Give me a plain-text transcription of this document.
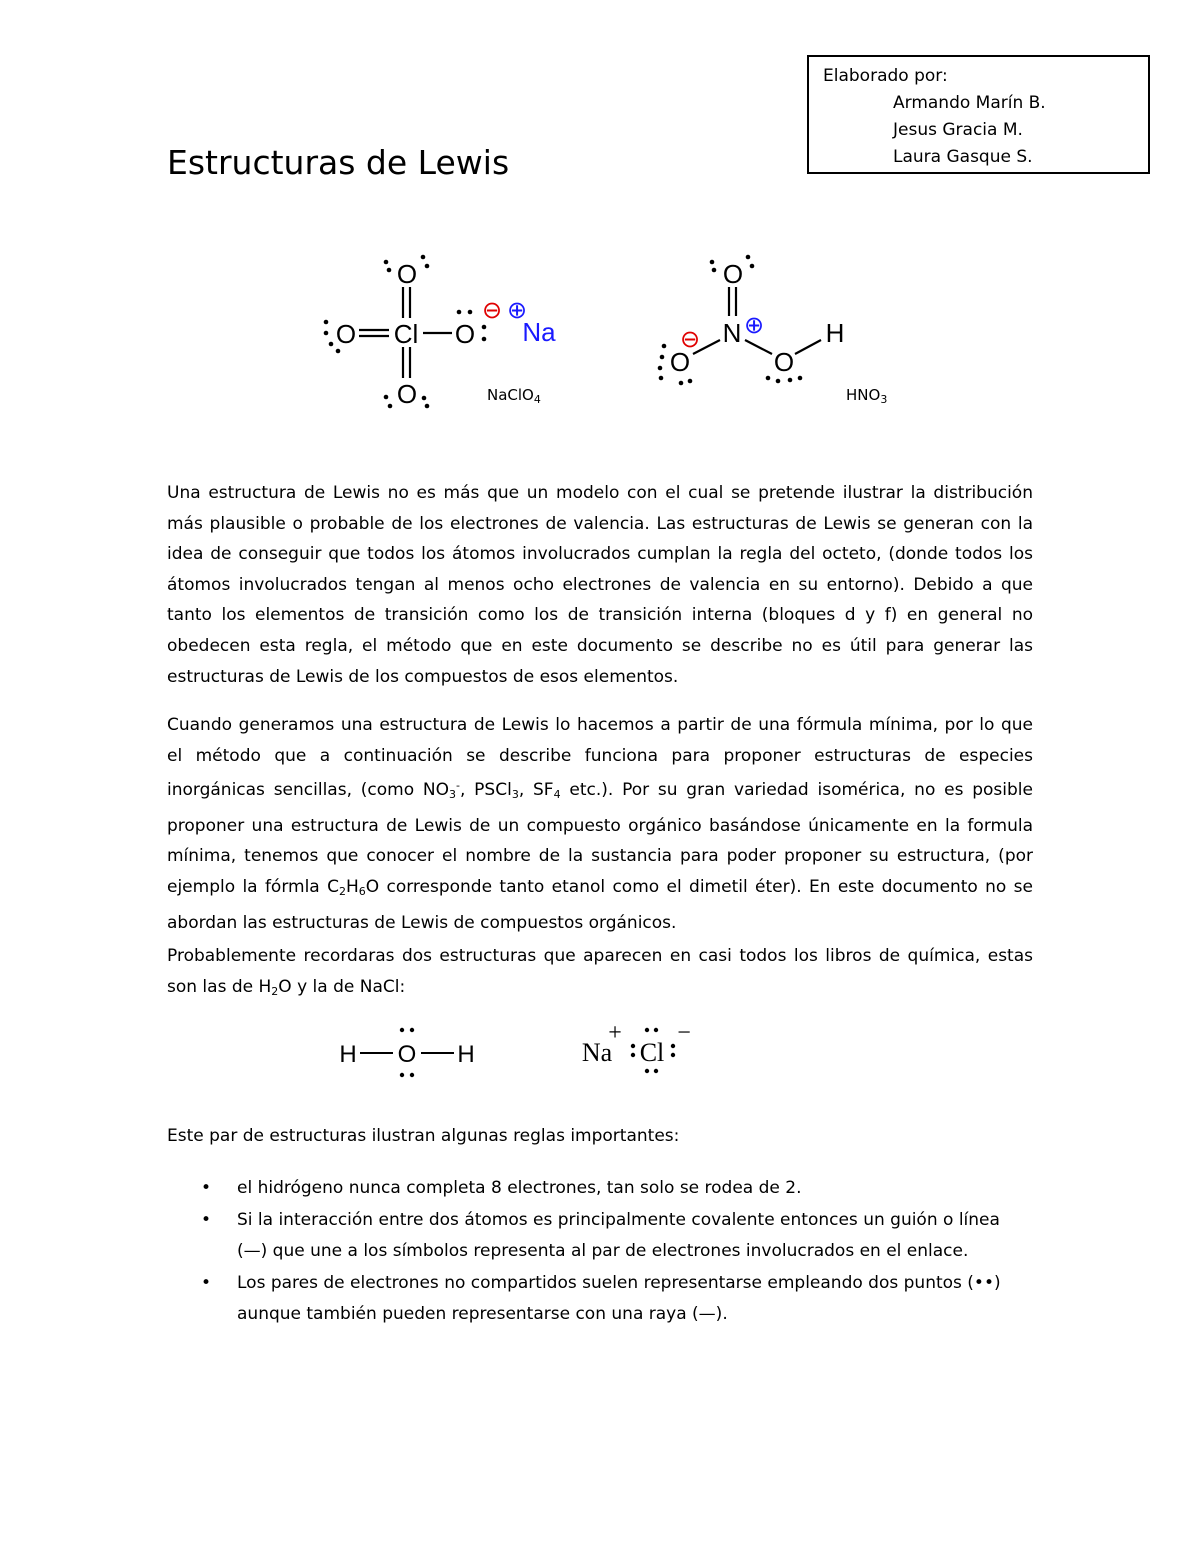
Elaborado por:
Armando Marín B.
Jesus Gracia M.
Laura Gasque S.
Estructuras de Lewis
O
Cl
O	O
O
Na
⊖ ⊕
NaClO$_4$
O
N
O	O
H
⊖
⊕
$HNO_3$

Una estructura de Lewis no es más que un modelo con el cual se pretende ilustrar la distribución más plausible o probable de los electrones de valencia. Las estructuras de Lewis se generan con la idea de conseguir que todos los átomos involucrados cumplan la regla del octeto, (donde todos los átomos involucrados tengan al menos ocho electrones de valencia en su entorno). Debido a que tanto los elementos de transición como los de transición interna (bloques d y f) en general no obedecen esta regla, el método que en este documento se describe no es útil para generar las estructuras de Lewis de los compuestos de esos elementos.

Cuando generamos una estructura de Lewis lo hacemos a partir de una fórmula mínima, por lo que el método que a continuación se describe funciona para proponer estructuras de especies inorgánicas sencillas, (como $NO_3^-$, PSCl$_3$, $SF_4$ etc.). Por su gran variedad isomérica, no es posible proponer una estructura de Lewis de un compuesto orgánico basándose únicamente en la formula mínima, tenemos que conocer el nombre de la sustancia para poder proponer su estructura, (por ejemplo la fórmla $C_2H_6O$ corresponde tanto etanol como el dimetil éter). En este documento no se abordan las estructuras de Lewis de compuestos orgánicos.

Probablemente recordaras dos estructuras que aparecen en casi todos los libros de química, estas son las de $H_2O$ y la de NaCl:

H O H	Na Cl
+ −

Este par de estructuras ilustran algunas reglas importantes:

• el hidrógeno nunca completa 8 electrones, tan solo se rodea de 2.
• Si la interacción entre dos átomos es principalmente covalente entonces un guión o línea (—) que une a los símbolos representa al par de electrones involucrados en el enlace.
• Los pares de electrones no compartidos suelen representarse empleando dos puntos (••) aunque también pueden representarse con una raya (—).
